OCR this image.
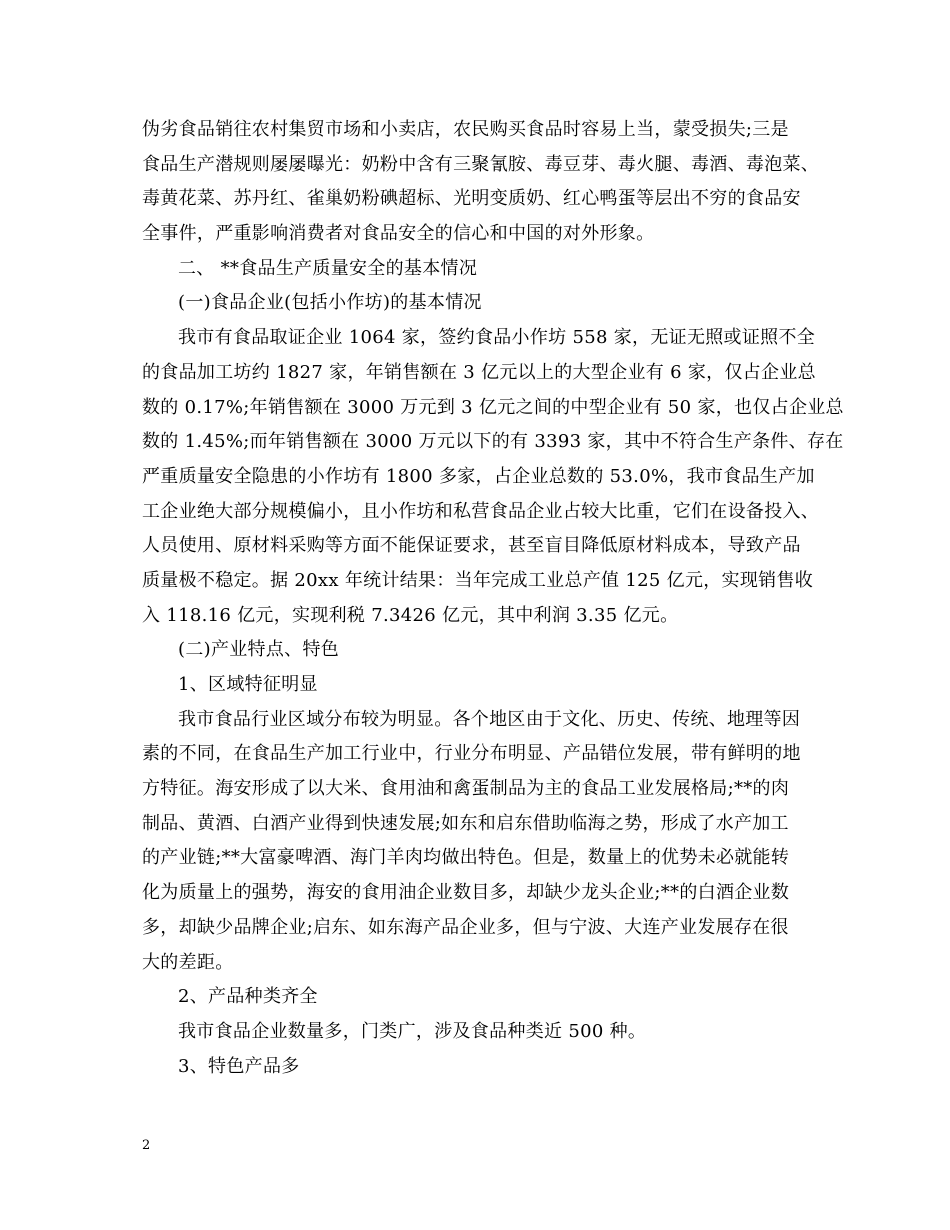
伪劣食品销往农村集贸市场和小卖店，农民购买食品时容易上当，蒙受损失;三是
食品生产潜规则屡屡曝光：奶粉中含有三聚氰胺、毒豆芽、毒火腿、毒酒、毒泡菜、
毒黄花菜、苏丹红、雀巢奶粉碘超标、光明变质奶、红心鸭蛋等层出不穷的食品安
全事件，严重影响消费者对食品安全的信心和中国的对外形象。
二、 **食品生产质量安全的基本情况
(一)食品企业(包括小作坊)的基本情况
我市有食品取证企业 1064 家，签约食品小作坊 558 家，无证无照或证照不全
的食品加工坊约 1827 家，年销售额在 3 亿元以上的大型企业有 6 家，仅占企业总
数的 0.17%;年销售额在 3000 万元到 3 亿元之间的中型企业有 50 家，也仅占企业总
数的 1.45%;而年销售额在 3000 万元以下的有 3393 家，其中不符合生产条件、存在
严重质量安全隐患的小作坊有 1800 多家，占企业总数的 53.0%，我市食品生产加
工企业绝大部分规模偏小，且小作坊和私营食品企业占较大比重，它们在设备投入、
人员使用、原材料采购等方面不能保证要求，甚至盲目降低原材料成本，导致产品
质量极不稳定。据 20xx 年统计结果：当年完成工业总产值 125 亿元，实现销售收
入 118.16 亿元，实现利税 7.3426 亿元，其中利润 3.35 亿元。
(二)产业特点、特色
1、区域特征明显
我市食品行业区域分布较为明显。各个地区由于文化、历史、传统、地理等因
素的不同，在食品生产加工行业中，行业分布明显、产品错位发展，带有鲜明的地
方特征。海安形成了以大米、食用油和禽蛋制品为主的食品工业发展格局;**的肉
制品、黄酒、白酒产业得到快速发展;如东和启东借助临海之势，形成了水产加工
的产业链;**大富豪啤酒、海门羊肉均做出特色。但是，数量上的优势未必就能转
化为质量上的强势，海安的食用油企业数目多，却缺少龙头企业;**的白酒企业数
多，却缺少品牌企业;启东、如东海产品企业多，但与宁波、大连产业发展存在很
大的差距。
2、产品种类齐全
我市食品企业数量多，门类广，涉及食品种类近 500 种。
3、特色产品多
2
